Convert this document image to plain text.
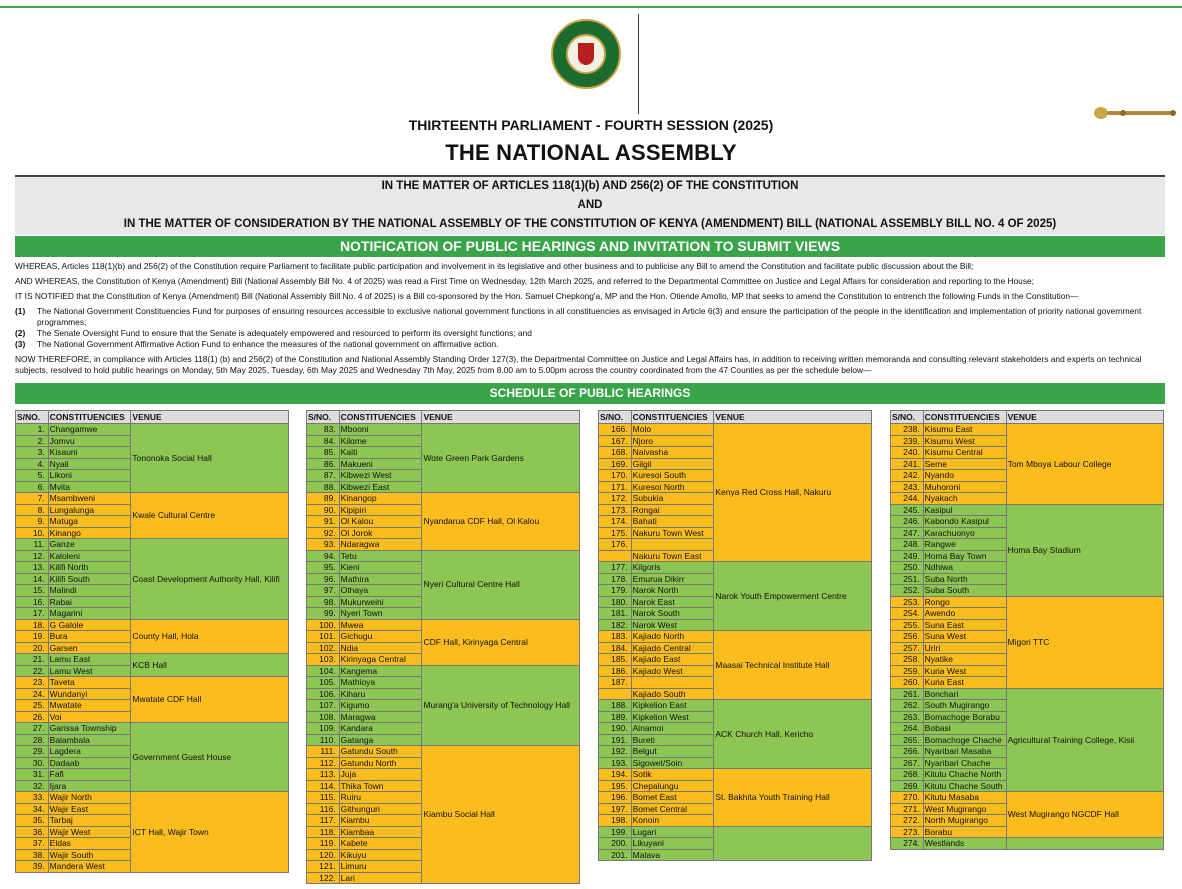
THIRTEENTH PARLIAMENT - FOURTH SESSION (2025)
THE NATIONAL ASSEMBLY
IN THE MATTER OF ARTICLES 118(1)(b) AND 256(2) OF THE CONSTITUTION
AND
IN THE MATTER OF CONSIDERATION BY THE NATIONAL ASSEMBLY OF THE CONSTITUTION OF KENYA (AMENDMENT) BILL (NATIONAL ASSEMBLY BILL NO. 4 OF 2025)
NOTIFICATION OF PUBLIC HEARINGS AND INVITATION TO SUBMIT VIEWS

WHEREAS, Articles 118(1)(b) and 256(2) of the Constitution require Parliament to facilitate public participation and involvement in its legislative and other business and to publicise any Bill to amend the Constitution and facilitate public discussion about the Bill;

AND WHEREAS, the Constitution of Kenya (Amendment) Bill (National Assembly Bill No. 4 of 2025) was read a First Time on Wednesday, 12th March 2025, and referred to the Departmental Committee on Justice and Legal Affairs for consideration and reporting to the House;

IT IS NOTIFIED that the Constitution of Kenya (Amendment) Bill (National Assembly Bill No. 4 of 2025) is a Bill co-sponsored by the Hon. Samuel Chepkong'a, MP and the Hon. Otiende Amollo, MP that seeks to amend the Constitution to entrench the following Funds in the Constitution—

(1)	The National Government Constituencies Fund for purposes of ensuring resources accessible to exclusive national government functions in all constituencies as envisaged in Article 6(3) and ensure the participation of the people in the identification and implementation of priority national government programmes;
(2)	The Senate Oversight Fund to ensure that the Senate is adequately empowered and resourced to perform its oversight functions; and
(3)	The National Government Affirmative Action Fund to enhance the measures of the national government on affirmative action.

NOW THEREFORE, in compliance with Articles 118(1) (b) and 256(2) of the Constitution and National Assembly Standing Order 127(3), the Departmental Committee on Justice and Legal Affairs has, in addition to receiving written memoranda and consulting relevant stakeholders and experts on technical subjects, resolved to hold public hearings on Monday, 5th May 2025, Tuesday, 6th May 2025 and Wednesday 7th May, 2025 from 8.00 am to 5.00pm across the country coordinated from the 47 Counties as per the schedule below—

SCHEDULE OF PUBLIC HEARINGS
S/NO.	CONSTITUENCIES	VENUE
1.	Changamwe	Tononoka Social Hall
2.	Jomvu	
3.	Kisauni	
4.	Nyali	
5.	Likoni	
6.	Mvita	
7.	Msambweni	Kwale Cultural Centre
8.	Lungalunga	
9.	Matuga	
10.	Kinango	
11.	Ganze	Coast Development Authority Hall, Kilifi
12.	Kaloleni	
13.	Kilifi North	
14.	Kilifi South	
15.	Malindi	
16.	Rabai	
17.	Magarini	
18.	G Galole	County Hall, Hola
19.	Bura	
20.	Garsen	
21.	Lamu East	KCB Hall
22.	Lamu West	
23.	Taveta	Mwatate CDF Hall
24.	Wundanyi	
25.	Mwatate	
26.	Voi	
27.	Garissa Township	Government Guest House
28.	Balambala	
29.	Lagdera	
30.	Dadaab	
31.	Fafi	
32.	Ijara	
33.	Wajir North	ICT Hall, Wajir Town
34.	Wajir East	
35.	Tarbaj	
36.	Wajir West	
37.	Eldas	
38.	Wajir South	
39.	Mandera West	
S/NO.	CONSTITUENCIES	VENUE
83.	Mbooni	Wote Green Park Gardens
84.	Kilome	
85.	Kaiti	
86.	Makueni	
87.	Kibwezi West	
88.	Kibwezi East	
89.	Kinangop	Nyandarua CDF Hall, Ol Kalou
90.	Kipipiri	
91.	Ol Kalou	
92.	Ol Jorok	
93.	Ndaragwa	
94.	Tetu	Nyeri Cultural Centre Hall
95.	Kieni	
96.	Mathira	
97.	Othaya	
98.	Mukurweini	
99.	Nyeri Town	
100.	Mwea	CDF Hall, Kirinyaga Central
101.	Gichugu	
102.	Ndia	
103.	Kirinyaga Central	
104.	Kangema	Murang'a University of Technology Hall
105.	Mathioya	
106.	Kiharu	
107.	Kigumo	
108.	Maragwa	
109.	Kandara	
110.	Gatanga	
111.	Gatundu South	Kiambu Social Hall
112.	Gatundu North	
113.	Juja	
114.	Thika Town	
115.	Ruiru	
116.	Githunguri	
117.	Kiambu	
118.	Kiambaa	
119.	Kabete	
120.	Kikuyu	
121.	Limuru	
122.	Lari	
S/NO.	CONSTITUENCIES	VENUE
166.	Molo	Kenya Red Cross Hall, Nakuru
167.	Njoro	
168.	Naivasha	
169.	Gilgil	
170.	Kuresoi South	
171.	Kuresoi North	
172.	Subukia	
173.	Rongai	
174.	Bahati	
175.	Nakuru Town West	
176.		
	Nakuru Town East	
177.	Kilgoris	Narok Youth Empowerment Centre
178.	Emurua Dikirr	
179.	Narok North	
180.	Narok East	
181.	Narok South	
182.	Narok West	
183.	Kajiado North	Maasai Technical Institute Hall
184.	Kajiado Central	
185.	Kajiado East	
186.	Kajiado West	
187.		
	Kajiado South	
188.	Kipkelion East	ACK Church Hall, Kericho
189.	Kipkelion West	
190.	Ainamoi	
191.	Bureti	
192.	Belgut	
193.	Sigowet/Soin	
194.	Sotik	St. Bakhita Youth Training Hall
195.	Chepalungu	
196.	Bomet East	
197.	Bomet Central	
198.	Konoin	
199.	Lugari	
200.	Likuyani	
201.	Malava	
S/NO.	CONSTITUENCIES	VENUE
238.	Kisumu East	Tom Mboya Labour College
239.	Kisumu West	
240.	Kisumu Central	
241.	Seme	
242.	Nyando	
243.	Muhoroni	
244.	Nyakach	
245.	Kasipul	Homa Bay Stadium
246.	Kabondo Kasipul	
247.	Karachuonyo	
248.	Rangwe	
249.	Homa Bay Town	
250.	Ndhiwa	
251.	Suba North	
252.	Suba South	
253.	Rongo	Migori TTC
254.	Awendo	
255.	Suna East	
256.	Suna West	
257.	Uriri	
258.	Nyatike	
259.	Kuria West	
260.	Kuria East	
261.	Bonchari	Agricultural Training College, Kisii
262.	South Mugirango	
263.	Bomachoge Borabu	
264.	Bobasi	
265.	Bomachoge Chache	
266.	Nyaribari Masaba	
267.	Nyaribari Chache	
268.	Kitutu Chache North	
269.	Kitutu Chache South	
270.	Kitutu Masaba	West Mugirango NGCDF Hall
271.	West Mugirango	
272.	North Mugirango	
273.	Borabu	
274.	Westlands	
